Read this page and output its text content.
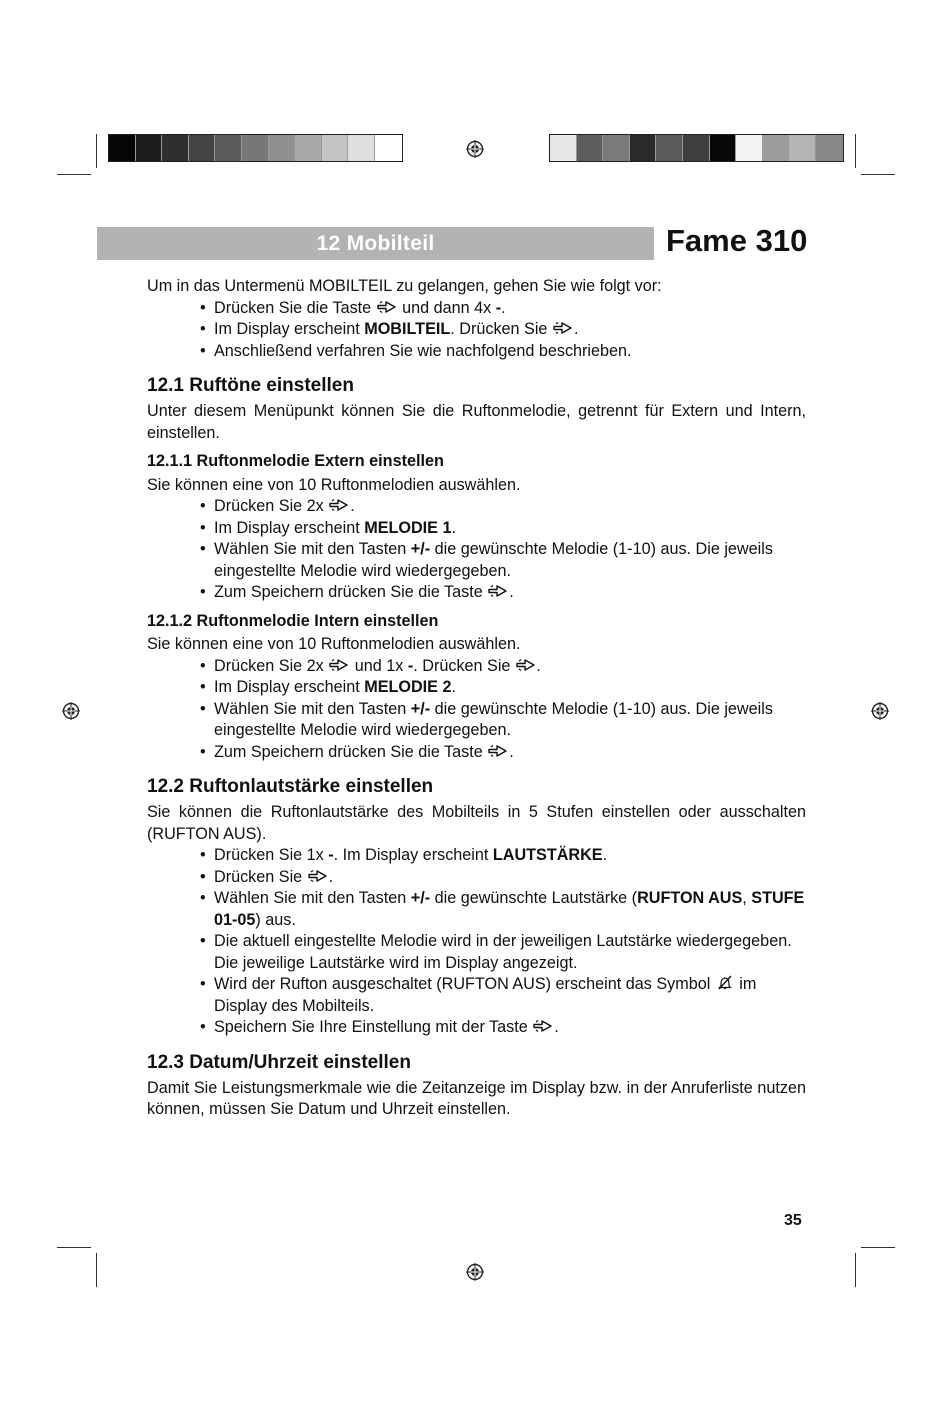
12 Mobilteil	Fame 310

Um in das Untermenü MOBILTEIL zu gelangen, gehen Sie wie folgt vor:

• Drücken Sie die Taste
und dann 4x -.
• Im Display erscheint MOBILTEIL. Drücken Sie
.
• Anschließend verfahren Sie wie nachfolgend beschrieben.
12.1 Ruftöne einstellen

Unter diesem Menüpunkt können Sie die Ruftonmelodie, getrennt für Extern und Intern, einstellen.

12.1.1 Ruftonmelodie Extern einstellen

Sie können eine von 10 Ruftonmelodien auswählen.

• Drücken Sie 2x
.
• Im Display erscheint MELODIE 1.
• Wählen Sie mit den Tasten +/- die gewünschte Melodie (1-10) aus. Die jeweils eingestellte Melodie wird wiedergegeben.
• Zum Speichern drücken Sie die Taste
.
12.1.2 Ruftonmelodie Intern einstellen

Sie können eine von 10 Ruftonmelodien auswählen.

• Drücken Sie 2x
und 1x -. Drücken Sie
.
• Im Display erscheint MELODIE 2.
• Wählen Sie mit den Tasten +/- die gewünschte Melodie (1-10) aus. Die jeweils eingestellte Melodie wird wiedergegeben.
• Zum Speichern drücken Sie die Taste
.
12.2 Ruftonlautstärke einstellen

Sie können die Ruftonlautstärke des Mobilteils in 5 Stufen einstellen oder ausschalten (RUFTON AUS).

• Drücken Sie 1x -. Im Display erscheint LAUTSTÄRKE.
• Drücken Sie
.
• Wählen Sie mit den Tasten +/- die gewünschte Lautstärke (RUFTON AUS, STUFE 01-05) aus.
• Die aktuell eingestellte Melodie wird in der jeweiligen Lautstärke wiedergegeben. Die jeweilige Lautstärke wird im Display angezeigt.
• Wird der Rufton ausgeschaltet (RUFTON AUS) erscheint das Symbol  im Display des Mobilteils.
• Speichern Sie Ihre Einstellung mit der Taste
.
12.3 Datum/Uhrzeit einstellen

Damit Sie Leistungsmerkmale wie die Zeitanzeige im Display bzw. in der Anruferliste nutzen können, müssen Sie Datum und Uhrzeit einstellen.

35
